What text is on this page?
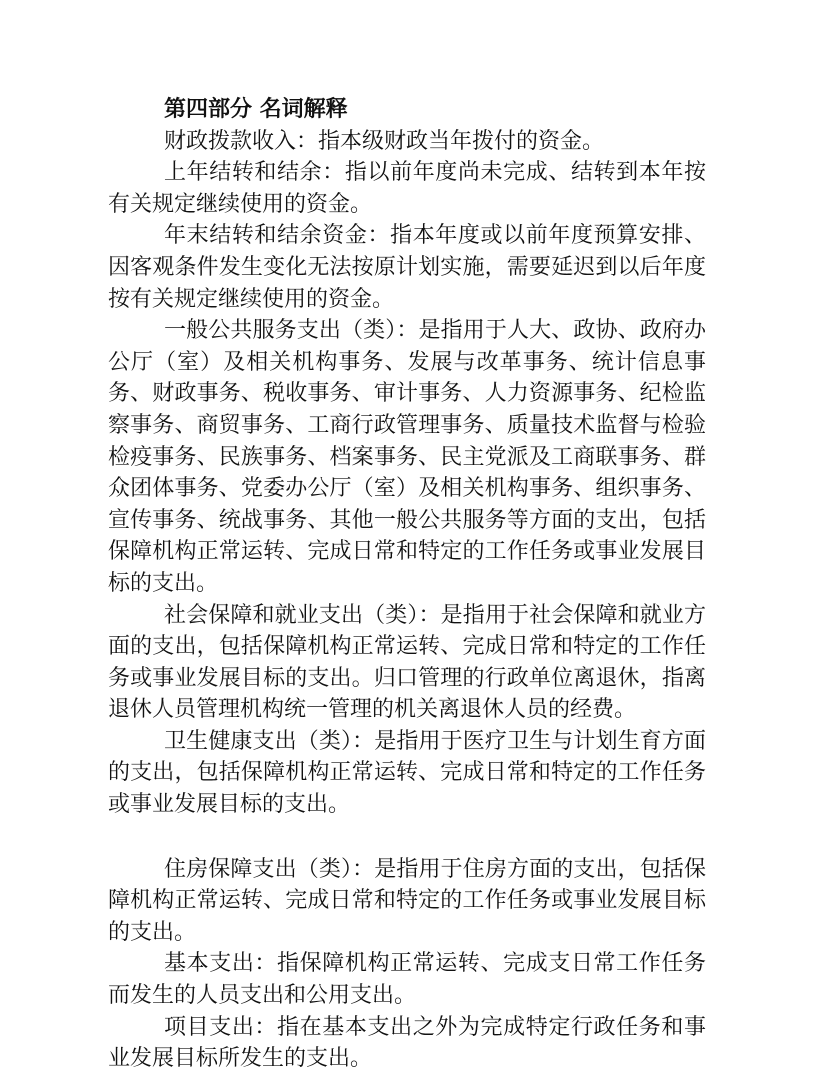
第四部分 名词解释

财政拨款收入：指本级财政当年拨付的资金。

上年结转和结余：指以前年度尚未完成、结转到本年按有关规定继续使用的资金。

年末结转和结余资金：指本年度或以前年度预算安排、因客观条件发生变化无法按原计划实施，需要延迟到以后年度按有关规定继续使用的资金。

一般公共服务支出（类）：是指用于人大、政协、政府办公厅（室）及相关机构事务、发展与改革事务、统计信息事务、财政事务、税收事务、审计事务、人力资源事务、纪检监察事务、商贸事务、工商行政管理事务、质量技术监督与检验检疫事务、民族事务、档案事务、民主党派及工商联事务、群众团体事务、党委办公厅（室）及相关机构事务、组织事务、宣传事务、统战事务、其他一般公共服务等方面的支出，包括保障机构正常运转、完成日常和特定的工作任务或事业发展目标的支出。

社会保障和就业支出（类）：是指用于社会保障和就业方面的支出，包括保障机构正常运转、完成日常和特定的工作任务或事业发展目标的支出。归口管理的行政单位离退休，指离退休人员管理机构统一管理的机关离退休人员的经费。

卫生健康支出（类）：是指用于医疗卫生与计划生育方面的支出，包括保障机构正常运转、完成日常和特定的工作任务或事业发展目标的支出。

住房保障支出（类）：是指用于住房方面的支出，包括保障机构正常运转、完成日常和特定的工作任务或事业发展目标的支出。

基本支出：指保障机构正常运转、完成支日常工作任务而发生的人员支出和公用支出。

项目支出：指在基本支出之外为完成特定行政任务和事业发展目标所发生的支出。
